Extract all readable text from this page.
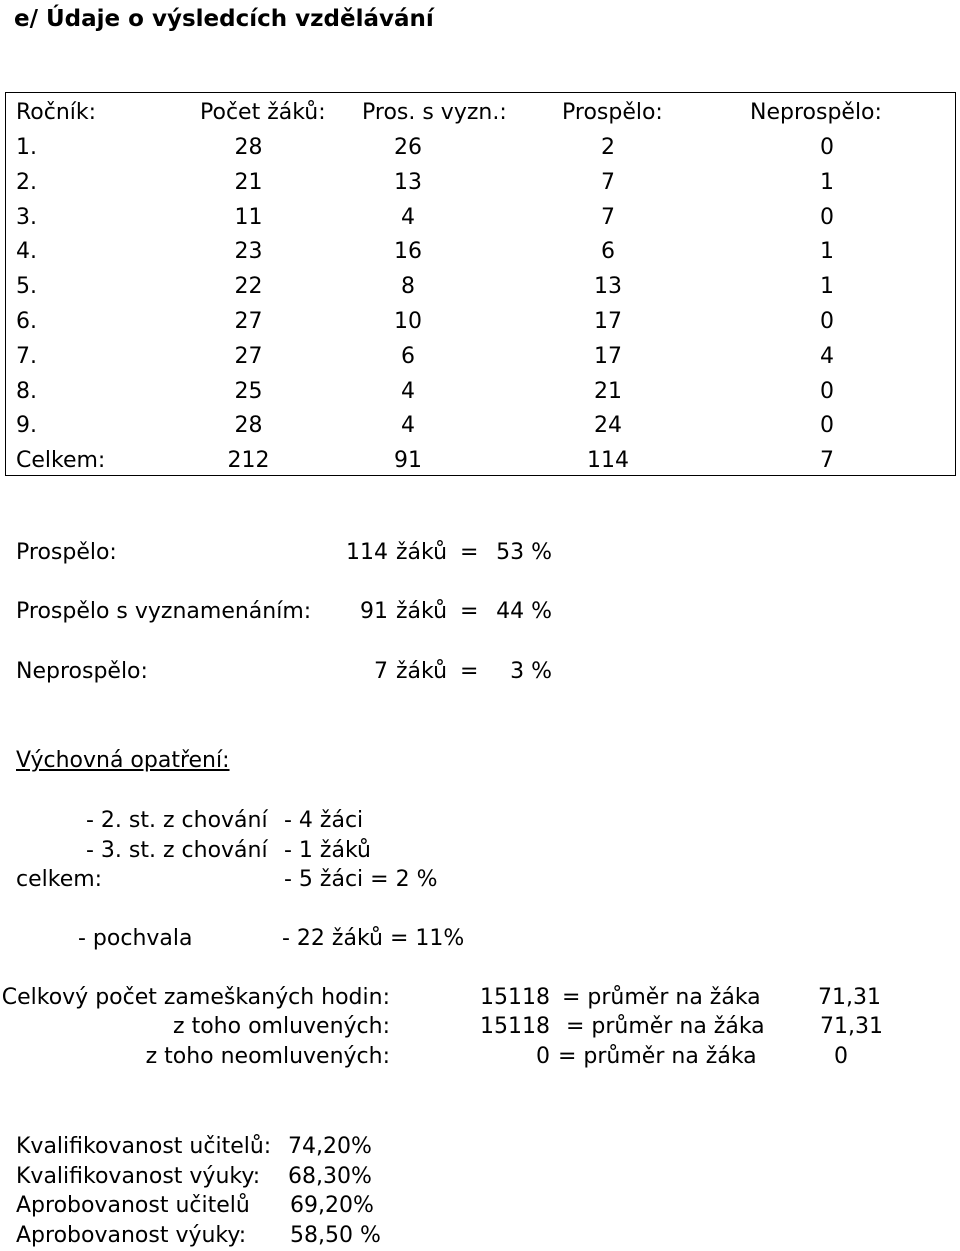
e/ Údaje o výsledcích vzdělávání
Ročník:	Počet žáků: Pros. s vyzn.:	Prospělo:	Neprospělo:
1.	28	26	2	0
2.	21	13	7	1
3.	11	4	7	0
4.	23	16	6	1
5.	22	8	13	1
6.	27	10	17	0
7.	27	6	17	4
8.	25	4	21	0
9.	28	4	24	0
Celkem:	212	91	114	7
Prospělo:	114 žáků = 53 %
Prospělo s vyznamenáním:	91 žáků = 44 %
Neprospělo:	7 žáků =	3 %
Výchovná opatření:
- 2. st. z chování - 4 žáci
- 3. st. z chování - 1 žáků
celkem:	- 5 žáci = 2 %
- pochvala	- 22 žáků = 11%
Celkový počet zameškaných hodin:	15118 = průměr na žáka	71,31
z toho omluvených:	15118 = průměr na žáka	71,31
z toho neomluvených:	0 = průměr na žáka	0
Kvalifikovanost učitelů: 74,20%
Kvalifikovanost výuky: 68,30%
Aprobovanost učitelů 69,20%
Aprobovanost výuky: 58,50 %
